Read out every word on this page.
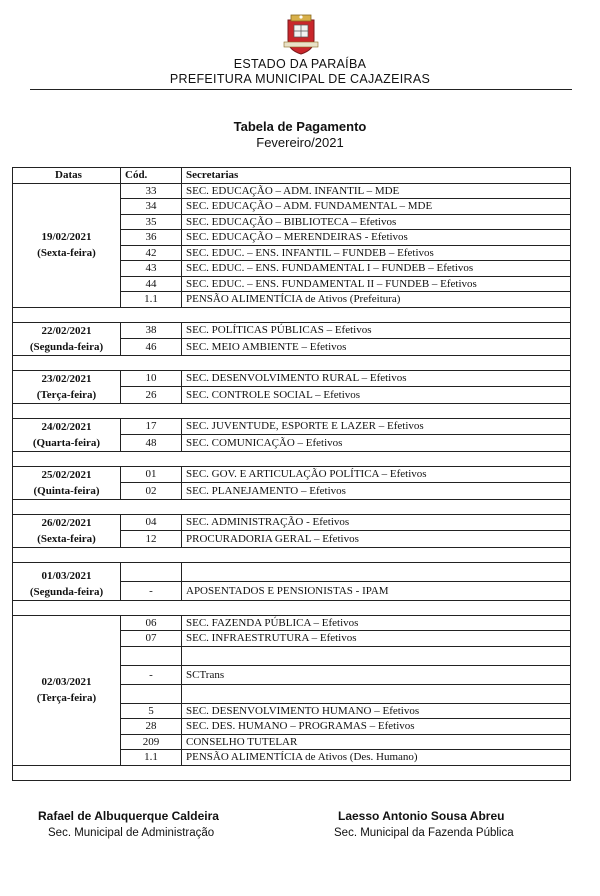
ESTADO DA PARAÍBA
PREFEITURA MUNICIPAL DE CAJAZEIRAS
Tabela de Pagamento
Fevereiro/2021
Datas	Cód.	Secretarias

19/02/2021
(Sexta-feira)	33	SEC. EDUCAÇÃO – ADM. INFANTIL – MDE
	34	SEC. EDUCAÇÃO – ADM. FUNDAMENTAL – MDE
	35	SEC. EDUCAÇÃO – BIBLIOTECA – Efetivos
	36	SEC. EDUCAÇÃO – MERENDEIRAS - Efetivos
	42	SEC. EDUC. – ENS. INFANTIL – FUNDEB – Efetivos
	43	SEC. EDUC. – ENS. FUNDAMENTAL I – FUNDEB – Efetivos
	44	SEC. EDUC. – ENS. FUNDAMENTAL II – FUNDEB – Efetivos
	1.1	PENSÃO ALIMENTÍCIA de Ativos (Prefeitura)

22/02/2021
(Segunda-feira)	38	SEC. POLÍTICAS PÚBLICAS – Efetivos
	46	SEC. MEIO AMBIENTE – Efetivos

23/02/2021
(Terça-feira)	10	SEC. DESENVOLVIMENTO RURAL – Efetivos
	26	SEC. CONTROLE SOCIAL – Efetivos

24/02/2021
(Quarta-feira)	17	SEC. JUVENTUDE, ESPORTE E LAZER – Efetivos
	48	SEC. COMUNICAÇÃO – Efetivos

25/02/2021
(Quinta-feira)	01	SEC. GOV. E ARTICULAÇÃO POLÍTICA – Efetivos
	02	SEC. PLANEJAMENTO – Efetivos

26/02/2021
(Sexta-feira)	04	SEC. ADMINISTRAÇÃO - Efetivos
	12	PROCURADORIA GERAL – Efetivos

01/03/2021
(Segunda-feira)		

	-	APOSENTADOS E PENSIONISTAS - IPAM

02/03/2021
(Terça-feira)	06	SEC. FAZENDA PÚBLICA – Efetivos
	07	SEC. INFRAESTRUTURA – Efetivos

	-	SCTrans

	5	SEC. DESENVOLVIMENTO HUMANO – Efetivos
	28	SEC. DES. HUMANO – PROGRAMAS – Efetivos
	209	CONSELHO TUTELAR
	1.1	PENSÃO ALIMENTÍCIA de Ativos (Des. Humano)

Rafael de Albuquerque Caldeira
Sec. Municipal de Administração
Laesso Antonio Sousa Abreu
Sec. Municipal da Fazenda Pública
